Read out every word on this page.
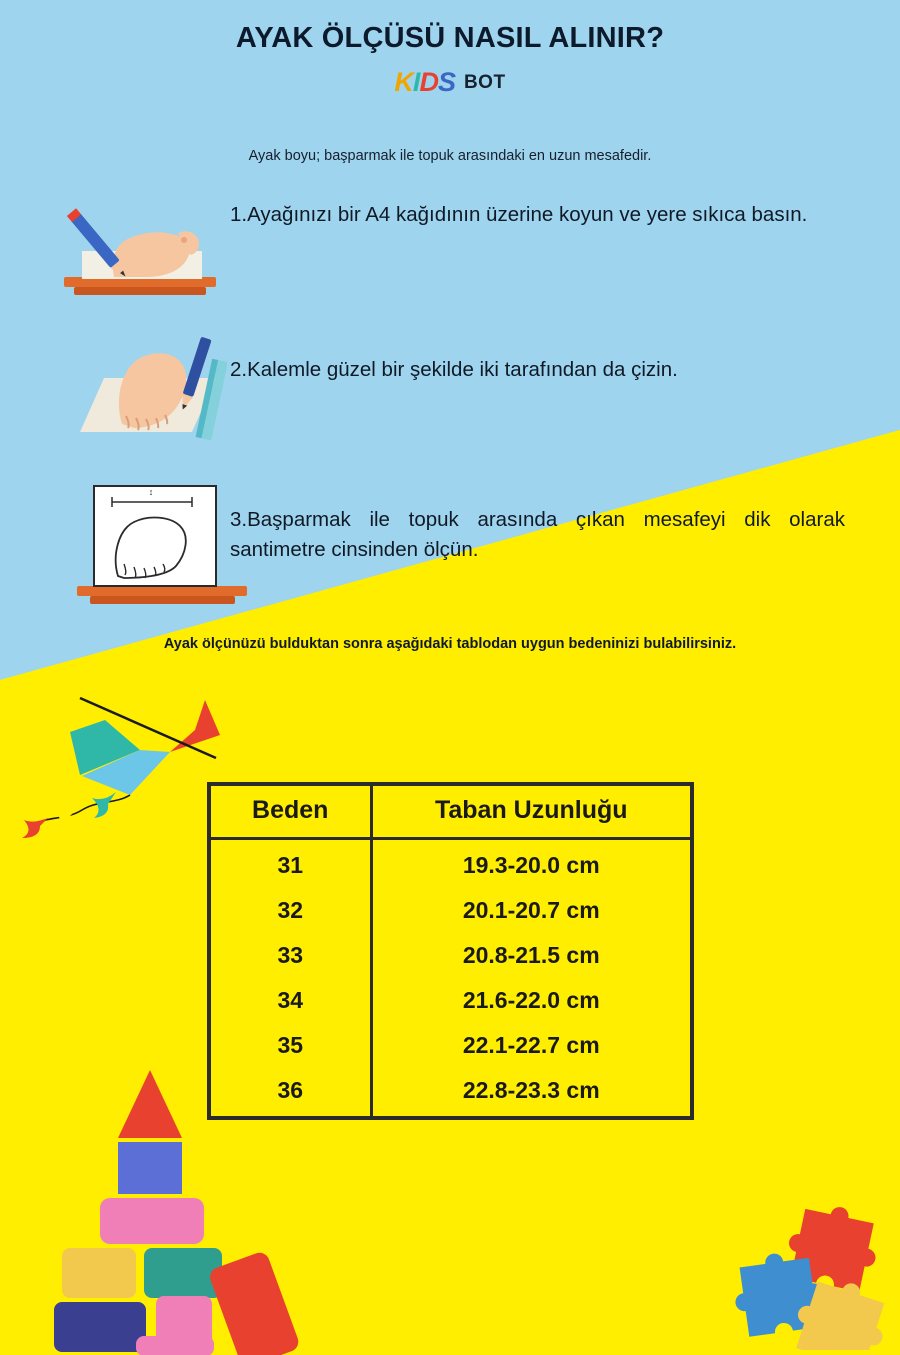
AYAK ÖLÇÜSÜ NASIL ALINIR?
KIDS BOT
Ayak boyu; başparmak ile topuk arasındaki en uzun mesafedir.
1.Ayağınızı bir A4 kağıdının üzerine koyun ve yere sıkıca basın.
2.Kalemle güzel bir şekilde iki tarafından da çizin.
↕
3.Başparmak ile topuk arasında çıkan mesafeyi dik olarak santimetre cinsinden ölçün.
Ayak ölçünüzü bulduktan sonra aşağıdaki tablodan uygun bedeninizi bulabilirsiniz.
Beden	Taban Uzunluğu
31	19.3-20.0 cm
32	20.1-20.7 cm
33	20.8-21.5 cm
34	21.6-22.0 cm
35	22.1-22.7 cm
36	22.8-23.3 cm
